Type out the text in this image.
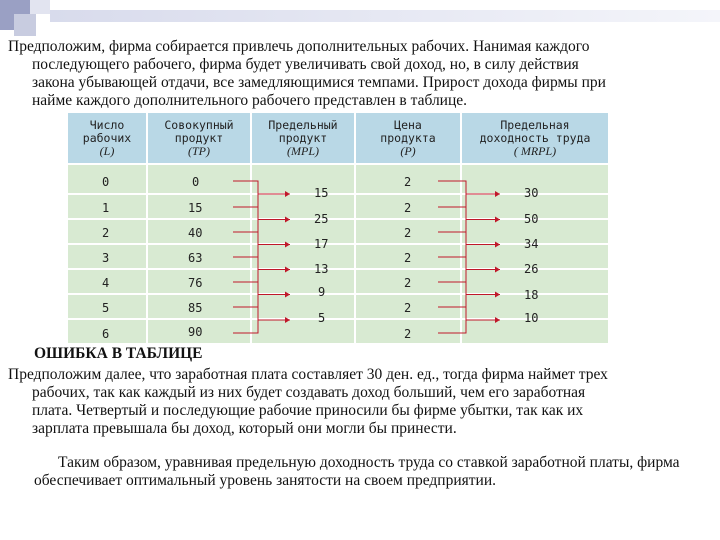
Предположим, фирма собирается привлечь дополнительных рабочих. Нанимая каждого
последующего рабочего, фирма будет увеличивать свой доход, но, в силу действия
закона убывающей отдачи, все замедляющимися темпами. Прирост дохода фирмы при
найме каждого дополнительного рабочего представлен в таблице.
Число
рабочих
(L)
Совокупный
продукт
(TP)
Предельный
продукт
(MPL)
Цена
продукта
(P)
Предельная
доходность труда
( MRPL)
0
1
2
3
4
5
6
0
15
40
63
76
85
90
15
25
17
13
9
5
2
2
2
2
2
2
2
30
50
34
26
18
10
ОШИБКА В ТАБЛИЦЕ
Предположим далее, что заработная плата составляет 30 ден. ед., тогда фирма наймет трех
рабочих, так как каждый из них будет создавать доход больший, чем его заработная
плата. Четвертый и последующие рабочие приносили бы фирме убытки, так как их
зарплата превышала бы доход, который они могли бы принести.
Таким образом, уравнивая предельную доходность труда со ставкой заработной платы, фирма обеспечивает оптимальный уровень занятости на своем предприятии.
